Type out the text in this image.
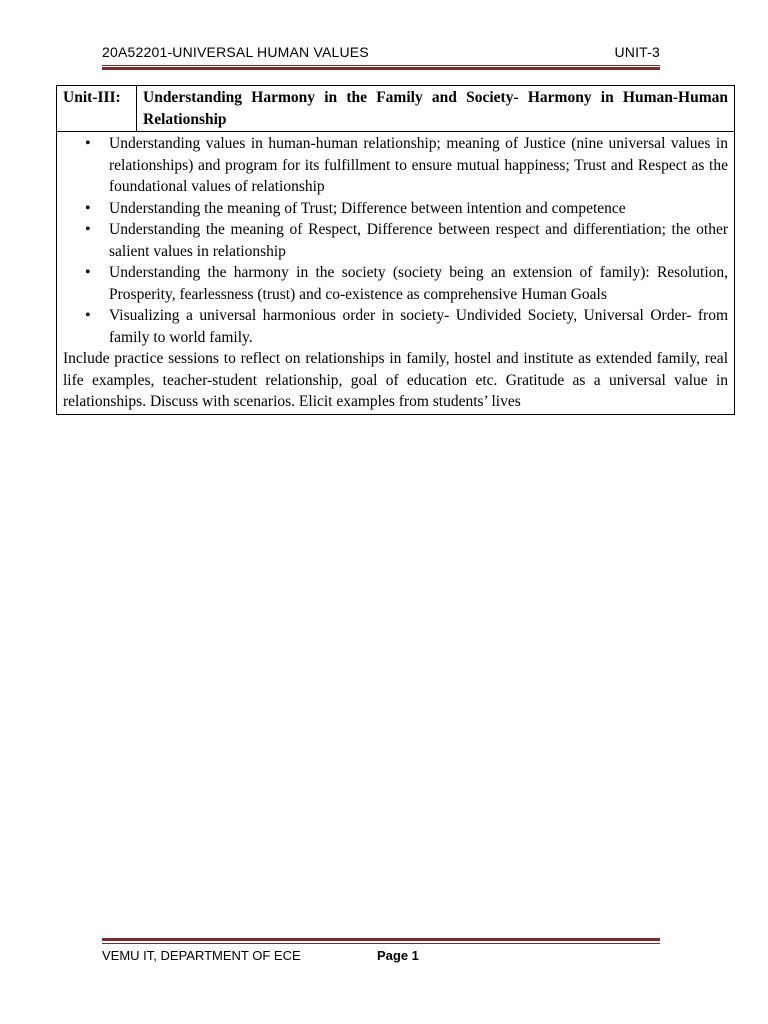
20A52201-UNIVERSAL HUMAN VALUES	UNIT-3
Unit-III:	Understanding Harmony in the Family and Society- Harmony in Human-Human Relationship

• Understanding values in human-human relationship; meaning of Justice (nine universal values in relationships) and program for its fulfillment to ensure mutual happiness; Trust and Respect as the foundational values of relationship
• Understanding the meaning of Trust; Difference between intention and competence
• Understanding the meaning of Respect, Difference between respect and differentiation; the other salient values in relationship
• Understanding the harmony in the society (society being an extension of family): Resolution, Prosperity, fearlessness (trust) and co-existence as comprehensive Human Goals
• Visualizing a universal harmonious order in society- Undivided Society, Universal Order- from family to world family.

Include practice sessions to reflect on relationships in family, hostel and institute as extended family, real life examples, teacher-student relationship, goal of education etc. Gratitude as a universal value in relationships. Discuss with scenarios. Elicit examples from students’ lives

VEMU IT, DEPARTMENT OF ECE	Page 1
